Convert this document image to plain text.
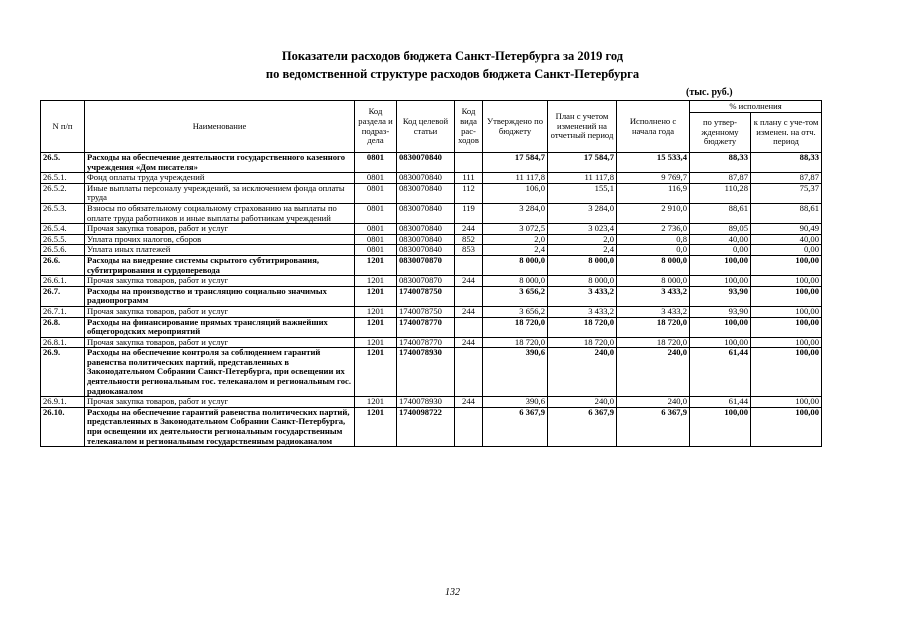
Показатели расходов бюджета Санкт-Петербурга за 2019 год
по ведомственной структуре расходов бюджета Санкт-Петербурга
(тыс. руб.)
N п/п	Наименование	Код раздела и подраз-дела	Код целевой статьи	Код вида рас-ходов	Утверждено по бюджету	План с учетом изменений на отчетный период	Исполнено с начала года	% исполнения	
								по утвер-жденному бюджету	к плану с уче-том изменен. на отч. период
26.5.	Расходы на обеспечение деятельности государственного казенного учреждения «Дом писателя»	0801	0830070840		17 584,7	17 584,7	15 533,4	88,33	88,33
26.5.1.	Фонд оплаты труда учреждений	0801	0830070840	111	11 117,8	11 117,8	9 769,7	87,87	87,87
26.5.2.	Иные выплаты персоналу учреждений, за исключением фонда оплаты труда	0801	0830070840	112	106,0	155,1	116,9	110,28	75,37
26.5.3.	Взносы по обязательному социальному страхованию на выплаты по оплате труда работников и иные выплаты работникам учреждений	0801	0830070840	119	3 284,0	3 284,0	2 910,0	88,61	88,61
26.5.4.	Прочая закупка товаров, работ и услуг	0801	0830070840	244	3 072,5	3 023,4	2 736,0	89,05	90,49
26.5.5.	Уплата прочих налогов, сборов	0801	0830070840	852	2,0	2,0	0,8	40,00	40,00
26.5.6.	Уплата иных платежей	0801	0830070840	853	2,4	2,4	0,0	0,00	0,00
26.6.	Расходы на внедрение системы скрытого субтитрирования, субтитрирования и сурдоперевода	1201	0830070870		8 000,0	8 000,0	8 000,0	100,00	100,00
26.6.1.	Прочая закупка товаров, работ и услуг	1201	0830070870	244	8 000,0	8 000,0	8 000,0	100,00	100,00
26.7.	Расходы на производство и трансляцию социально значимых радиопрограмм	1201	1740078750		3 656,2	3 433,2	3 433,2	93,90	100,00
26.7.1.	Прочая закупка товаров, работ и услуг	1201	1740078750	244	3 656,2	3 433,2	3 433,2	93,90	100,00
26.8.	Расходы на финансирование прямых трансляций важнейших общегородских мероприятий	1201	1740078770		18 720,0	18 720,0	18 720,0	100,00	100,00
26.8.1.	Прочая закупка товаров, работ и услуг	1201	1740078770	244	18 720,0	18 720,0	18 720,0	100,00	100,00
26.9.	Расходы на обеспечение контроля за соблюдением гарантий равенства политических партий, представленных в Законодательном Собрании Санкт-Петербурга, при освещении их деятельности региональным гос. телеканалом и региональным гос. радиоканалом	1201	1740078930		390,6	240,0	240,0	61,44	100,00
26.9.1.	Прочая закупка товаров, работ и услуг	1201	1740078930	244	390,6	240,0	240,0	61,44	100,00
26.10.	Расходы на обеспечение гарантий равенства политических партий, представленных в Законодательном Собрании Санкт-Петербурга, при освещении их деятельности региональным государственным телеканалом и региональным государственным радиоканалом	1201	1740098722		6 367,9	6 367,9	6 367,9	100,00	100,00
132
